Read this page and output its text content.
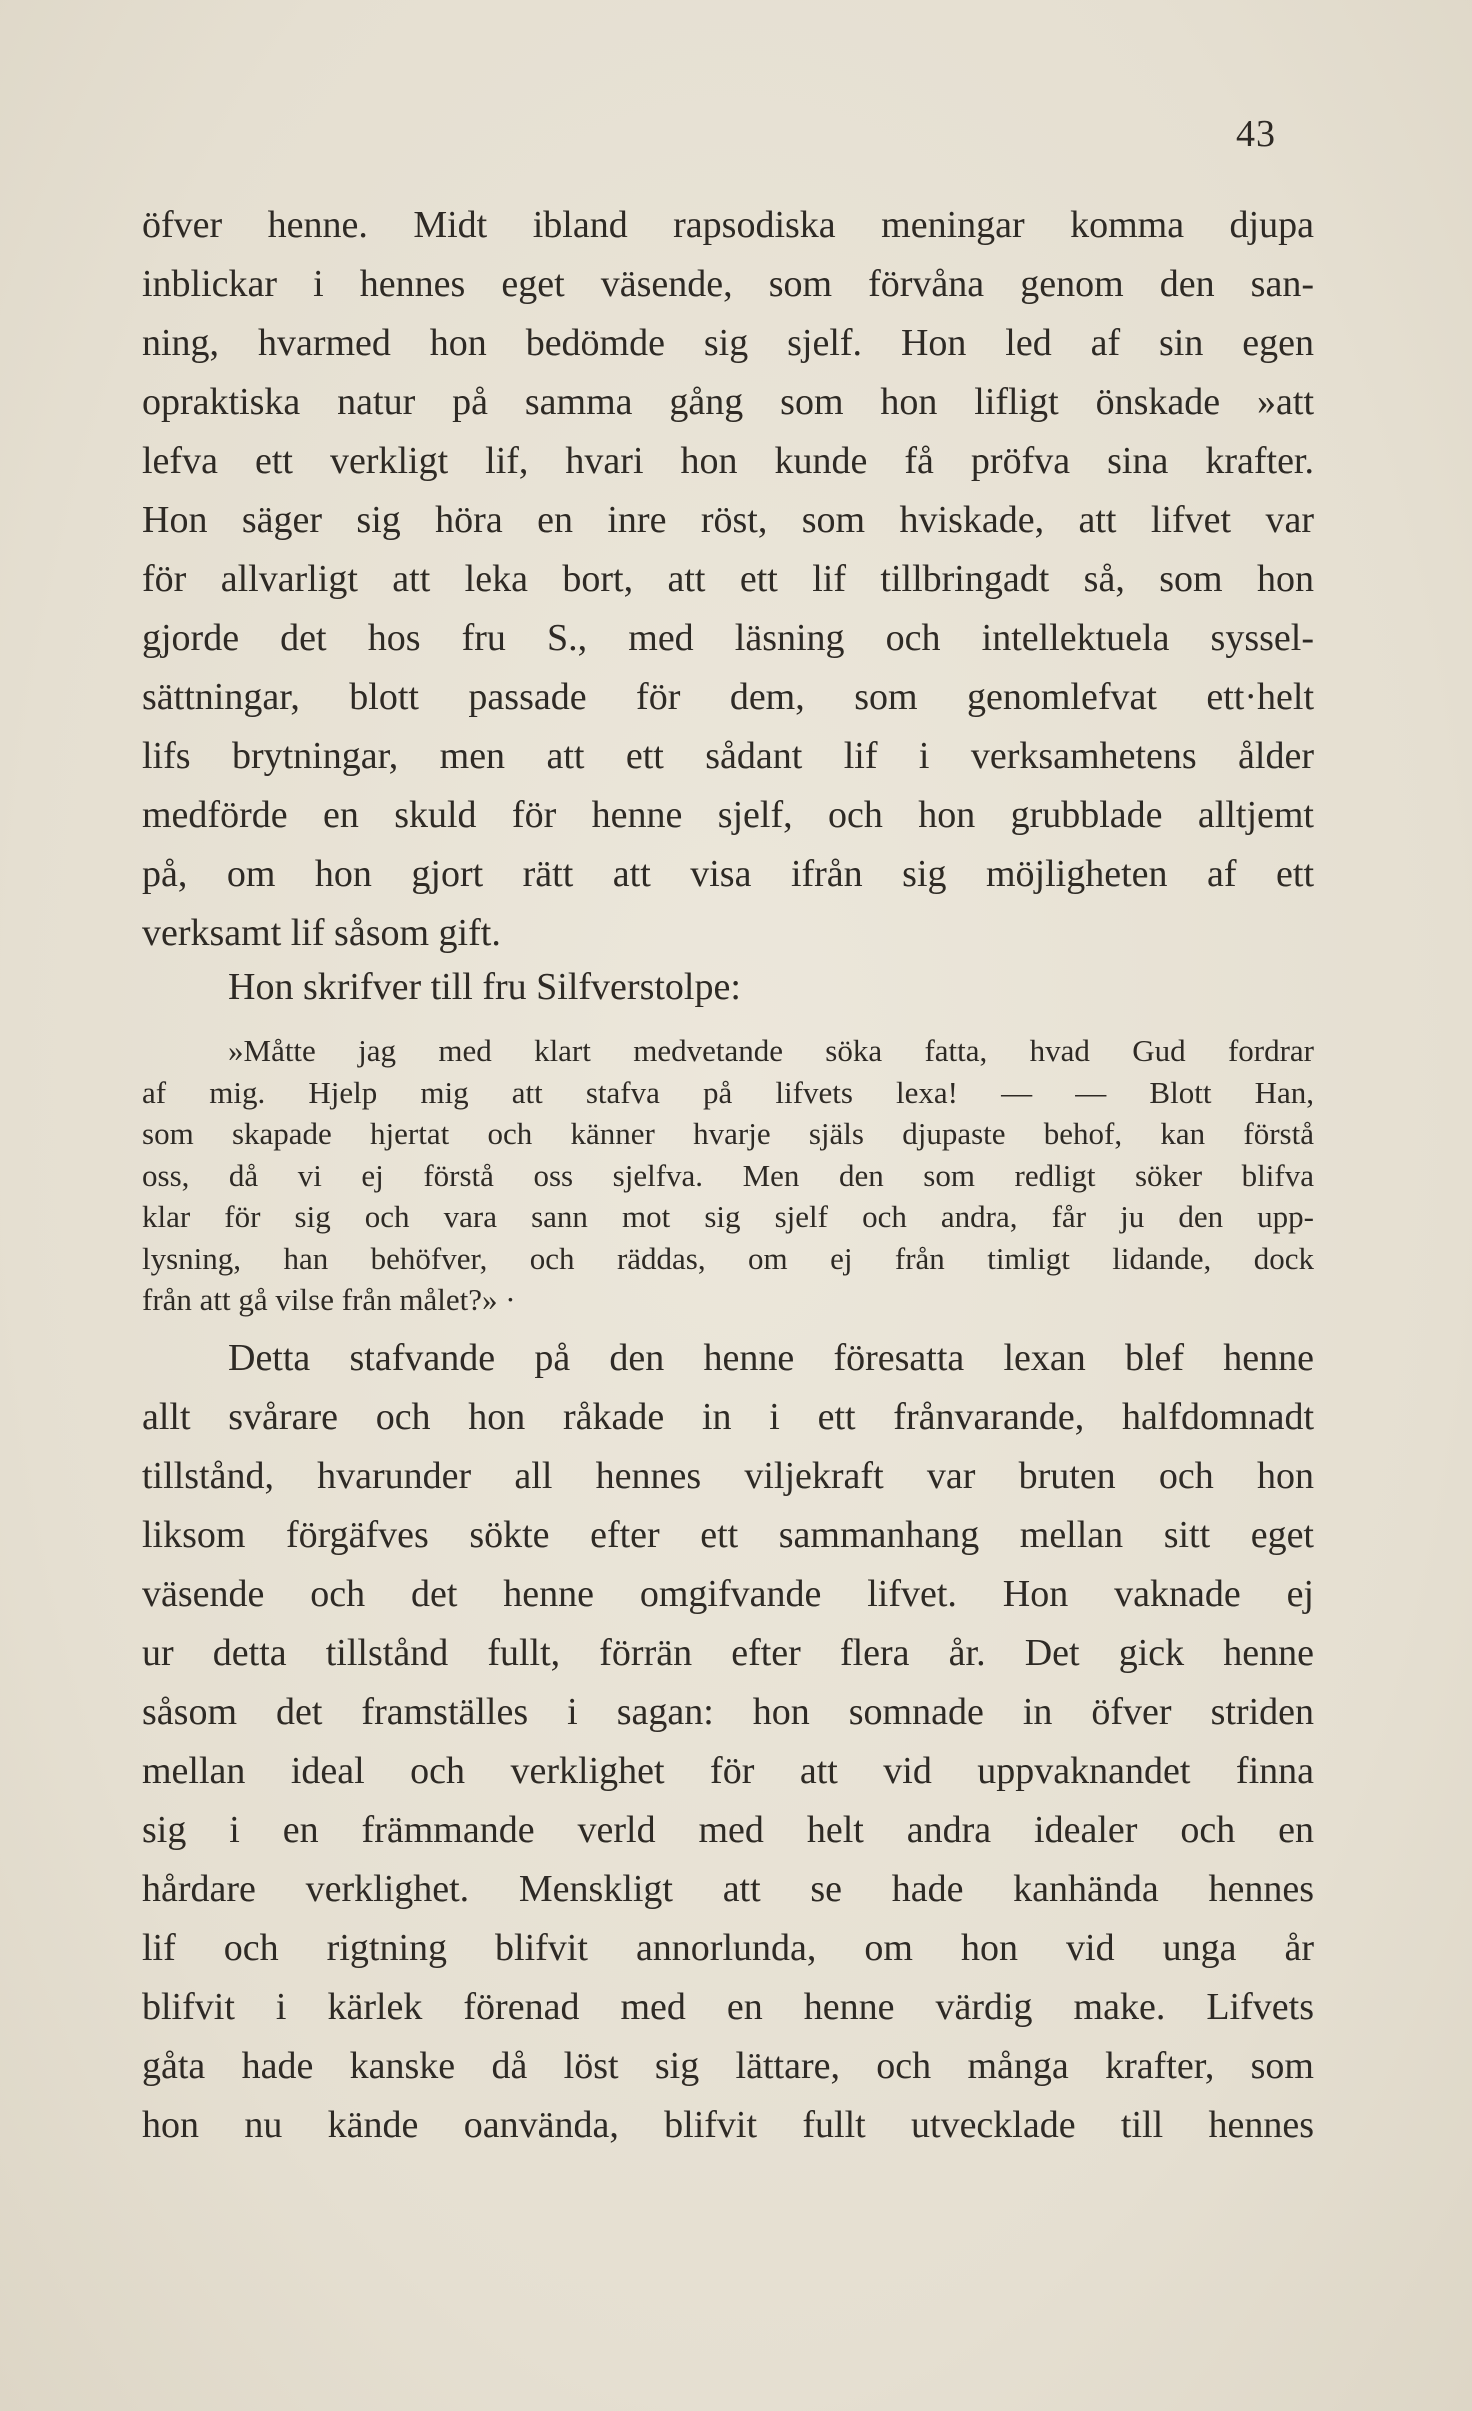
43
öfver henne. Midt ibland rapsodiska meningar komma djupa
inblickar i hennes eget väsende, som förvåna genom den san-
ning, hvarmed hon bedömde sig sjelf. Hon led af sin egen
opraktiska natur på samma gång som hon lifligt önskade »att
lefva ett verkligt lif, hvari hon kunde få pröfva sina krafter.
Hon säger sig höra en inre röst, som hviskade, att lifvet var
för allvarligt att leka bort, att ett lif tillbringadt så, som hon
gjorde det hos fru S., med läsning och intellektuela syssel-
sättningar, blott passade för dem, som genomlefvat ett·helt
lifs brytningar, men att ett sådant lif i verksamhetens ålder
medförde en skuld för henne sjelf, och hon grubblade alltjemt
på, om hon gjort rätt att visa ifrån sig möjligheten af ett
verksamt lif såsom gift.
Hon skrifver till fru Silfverstolpe:
»Måtte jag med klart medvetande söka fatta, hvad Gud fordrar
af mig. Hjelp mig att stafva på lifvets lexa! — — Blott Han,
som skapade hjertat och känner hvarje själs djupaste behof, kan förstå
oss, då vi ej förstå oss sjelfva. Men den som redligt söker blifva
klar för sig och vara sann mot sig sjelf och andra, får ju den upp-
lysning, han behöfver, och räddas, om ej från timligt lidande, dock
från att gå vilse från målet?» ·
Detta stafvande på den henne föresatta lexan blef henne
allt svårare och hon råkade in i ett frånvarande, halfdomnadt
tillstånd, hvarunder all hennes viljekraft var bruten och hon
liksom förgäfves sökte efter ett sammanhang mellan sitt eget
väsende och det henne omgifvande lifvet. Hon vaknade ej
ur detta tillstånd fullt, förrän efter flera år. Det gick henne
såsom det framställes i sagan: hon somnade in öfver striden
mellan ideal och verklighet för att vid uppvaknandet finna
sig i en främmande verld med helt andra idealer och en
hårdare verklighet. Menskligt att se hade kanhända hennes
lif och rigtning blifvit annorlunda, om hon vid unga år
blifvit i kärlek förenad med en henne värdig make. Lifvets
gåta hade kanske då löst sig lättare, och många krafter, som
hon nu kände oanvända, blifvit fullt utvecklade till hennes
